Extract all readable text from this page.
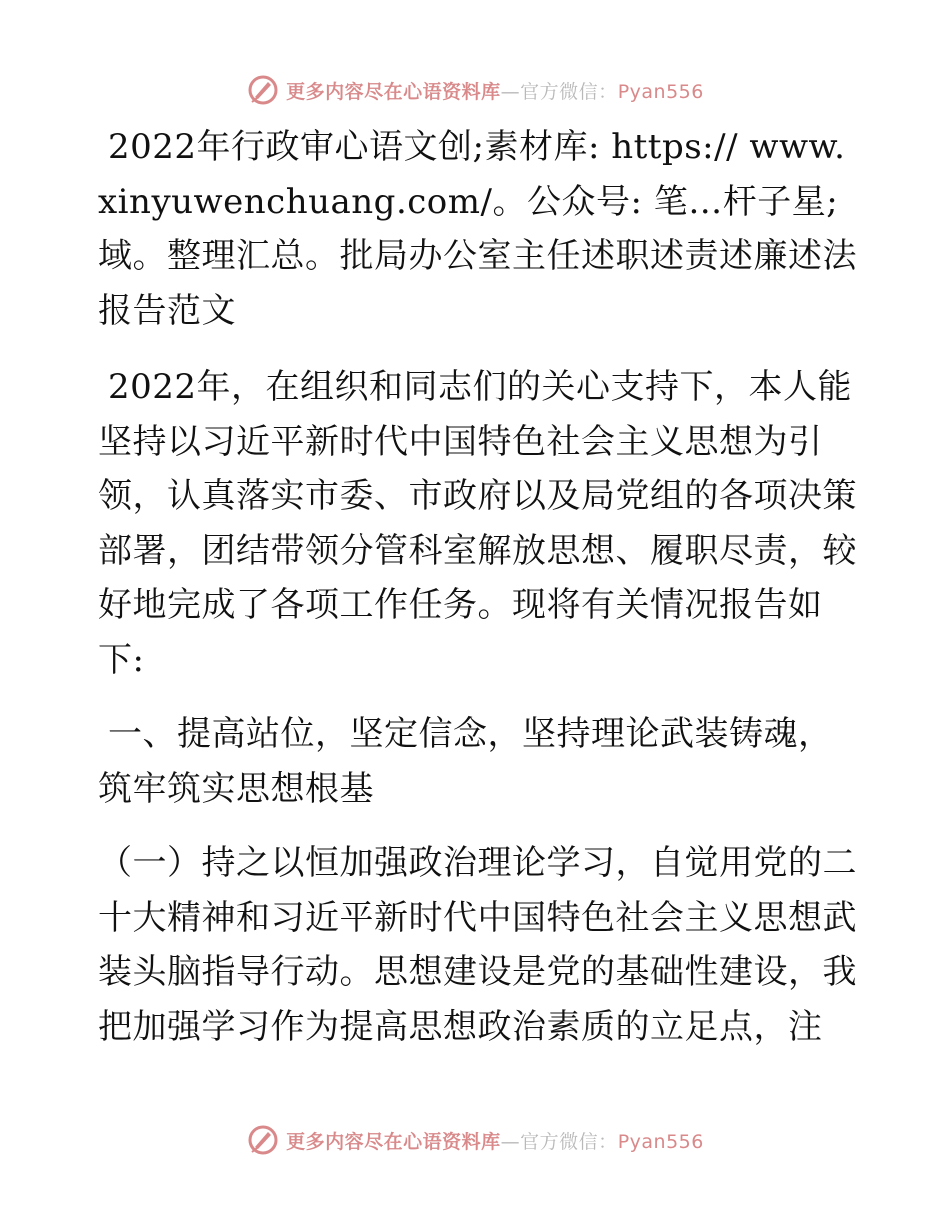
更多内容尽在心语资料库—官方微信：Pyan556

2022年行政审心语文创;素材库: https:// www.xinyuwenchuang.com/。公众号: 笔…杆子星;域。整理汇总。批局办公室主任述职述责述廉述法报告范文

2022年，在组织和同志们的关心支持下，本人能坚持以习近平新时代中国特色社会主义思想为引领，认真落实市委、市政府以及局党组的各项决策部署，团结带领分管科室解放思想、履职尽责，较好地完成了各项工作任务。现将有关情况报告如下:

一、提高站位，坚定信念，坚持理论武装铸魂，筑牢筑实思想根基

（一）持之以恒加强政治理论学习，自觉用党的二十大精神和习近平新时代中国特色社会主义思想武装头脑指导行动。思想建设是党的基础性建设，我把加强学习作为提高思想政治素质的立足点，注

更多内容尽在心语资料库—官方微信：Pyan556
